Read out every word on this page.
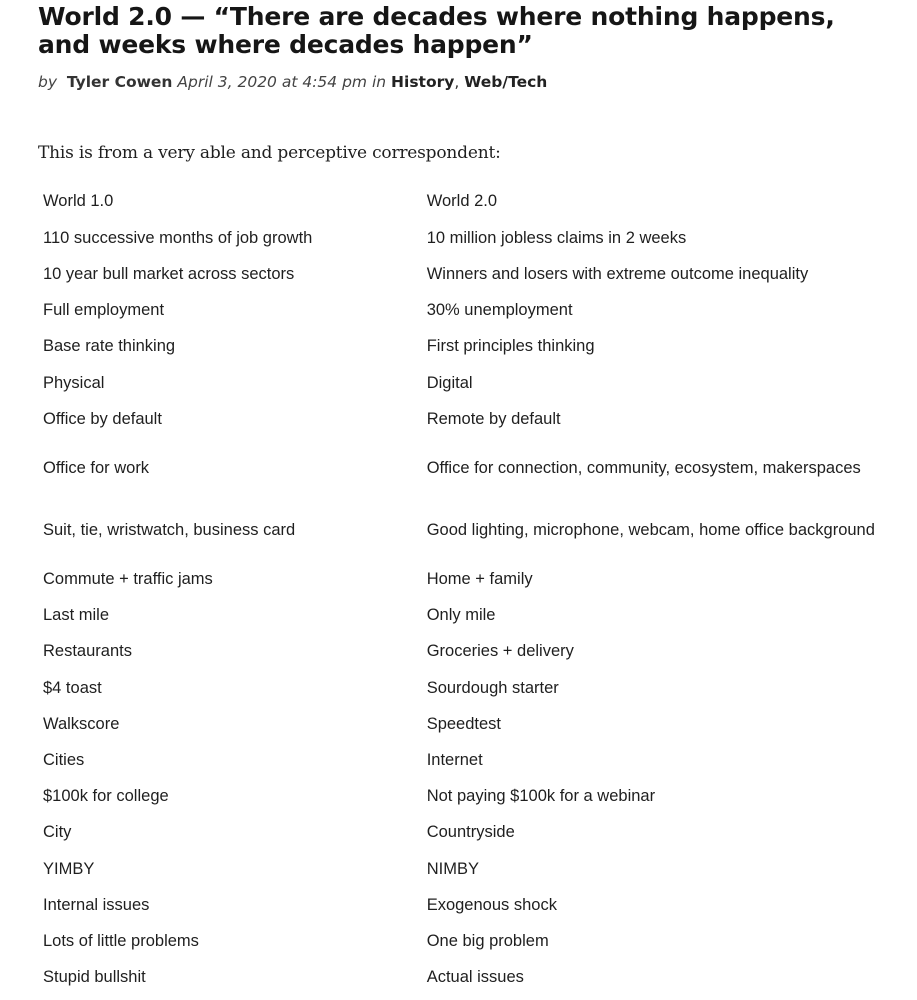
World 2.0 — “There are decades where nothing happens, and weeks where decades happen”
by Tyler Cowen April 3, 2020 at 4:54 pm in History, Web/Tech

This is from a very able and perceptive correspondent:

World 1.0	World 2.0
110 successive months of job growth	10 million jobless claims in 2 weeks
10 year bull market across sectors	Winners and losers with extreme outcome inequality
Full employment	30% unemployment
Base rate thinking	First principles thinking
Physical	Digital
Office by default	Remote by default
Office for work	Office for connection, community, ecosystem, makerspaces
Suit, tie, wristwatch, business card	Good lighting, microphone, webcam, home office background
Commute + traffic jams	Home + family
Last mile	Only mile
Restaurants	Groceries + delivery
$4 toast	Sourdough starter
Walkscore	Speedtest
Cities	Internet
$100k for college	Not paying $100k for a webinar
City	Countryside
YIMBY	NIMBY
Internal issues	Exogenous shock
Lots of little problems	One big problem
Stupid bullshit	Actual issues
